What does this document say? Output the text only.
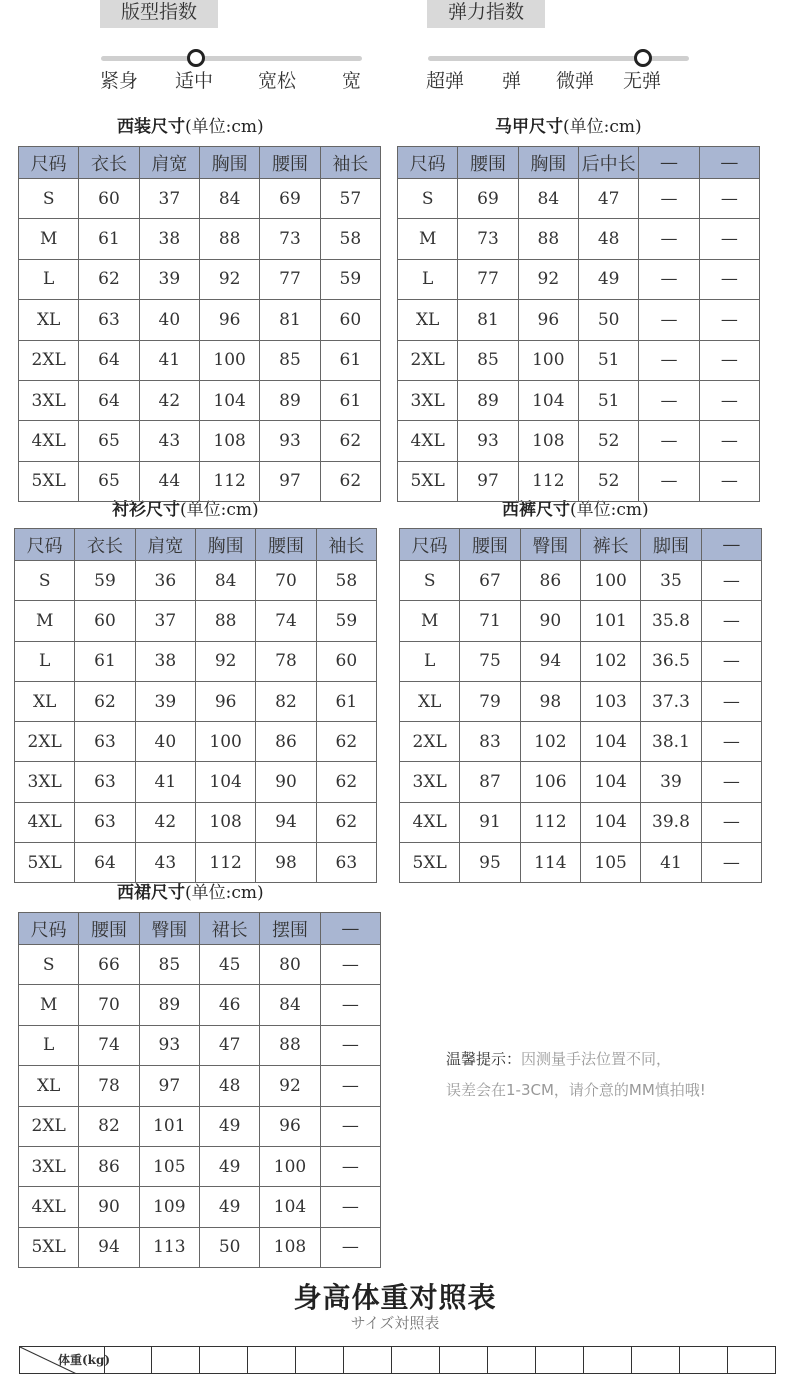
版型指数
紧身 适中 宽松 宽
弹力指数
超弹 弹 微弹 无弹
西装尺寸(单位:cm)	马甲尺寸(单位:cm)
衬衫尺寸(单位:cm)	西裤尺寸(单位:cm)
西裙尺寸(单位:cm)
尺码	衣长	肩宽	胸围	腰围	袖长
S	60	37	84	69	57
M	61	38	88	73	58
L	62	39	92	77	59
XL	63	40	96	81	60
2XL	64	41	100	85	61
3XL	64	42	104	89	61
4XL	65	43	108	93	62
5XL	65	44	112	97	62
尺码	腰围	胸围	后中长	—	—
S	69	84	47	—	—
M	73	88	48	—	—
L	77	92	49	—	—
XL	81	96	50	—	—
2XL	85	100	51	—	—
3XL	89	104	51	—	—
4XL	93	108	52	—	—
5XL	97	112	52	—	—
尺码	衣长	肩宽	胸围	腰围	袖长
S	59	36	84	70	58
M	60	37	88	74	59
L	61	38	92	78	60
XL	62	39	96	82	61
2XL	63	40	100	86	62
3XL	63	41	104	90	62
4XL	63	42	108	94	62
5XL	64	43	112	98	63
尺码	腰围	臀围	裤长	脚围	—
S	67	86	100	35	—
M	71	90	101	35.8	—
L	75	94	102	36.5	—
XL	79	98	103	37.3	—
2XL	83	102	104	38.1	—
3XL	87	106	104	39	—
4XL	91	112	104	39.8	—
5XL	95	114	105	41	—
尺码	腰围	臀围	裙长	摆围	—
S	66	85	45	80	—
M	70	89	46	84	—
L	74	93	47	88	—
XL	78	97	48	92	—
2XL	82	101	49	96	—
3XL	86	105	49	100	—
4XL	90	109	49	104	—
5XL	94	113	50	108	—
温馨提示：因测量手法位置不同，
误差会在1-3CM，请介意的MM慎拍哦!
身高体重对照表
サイズ対照表
体重(kg)
